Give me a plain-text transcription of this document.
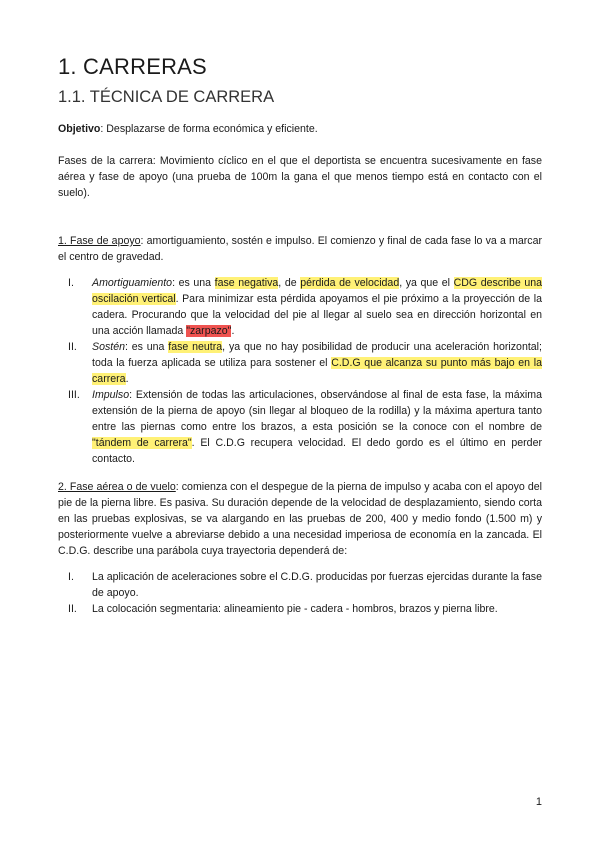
1. CARRERAS
1.1. TÉCNICA DE CARRERA

Objetivo: Desplazarse de forma económica y eficiente.

Fases de la carrera: Movimiento cíclico en el que el deportista se encuentra sucesivamente en fase aérea y fase de apoyo (una prueba de 100m la gana el que menos tiempo está en contacto con el suelo).

1. Fase de apoyo: amortiguamiento, sostén e impulso. El comienzo y final de cada fase lo va a marcar el centro de gravedad.

I.	Amortiguamiento: es una fase negativa, de pérdida de velocidad, ya que el CDG describe una oscilación vertical. Para minimizar esta pérdida apoyamos el pie próximo a la proyección de la cadera. Procurando que la velocidad del pie al llegar al suelo sea en dirección horizontal en una acción llamada "zarpazo".
II.	Sostén: es una fase neutra, ya que no hay posibilidad de producir una aceleración horizontal; toda la fuerza aplicada se utiliza para sostener el C.D.G que alcanza su punto más bajo en la carrera.
III.	Impulso: Extensión de todas las articulaciones, observándose al final de esta fase, la máxima extensión de la pierna de apoyo (sin llegar al bloqueo de la rodilla) y la máxima apertura tanto entre las piernas como entre los brazos, a esta posición se la conoce con el nombre de "tándem de carrera". El C.D.G recupera velocidad. El dedo gordo es el último en perder contacto.

2. Fase aérea o de vuelo: comienza con el despegue de la pierna de impulso y acaba con el apoyo del pie de la pierna libre. Es pasiva. Su duración depende de la velocidad de desplazamiento, siendo corta en las pruebas explosivas, se va alargando en las pruebas de 200, 400 y medio fondo (1.500 m) y posteriormente vuelve a abreviarse debido a una necesidad imperiosa de economía en la zancada. El C.D.G. describe una parábola cuya trayectoria dependerá de:

I.	La aplicación de aceleraciones sobre el C.D.G. producidas por fuerzas ejercidas durante la fase de apoyo.
II.	La colocación segmentaria: alineamiento pie - cadera - hombros, brazos y pierna libre.
1
